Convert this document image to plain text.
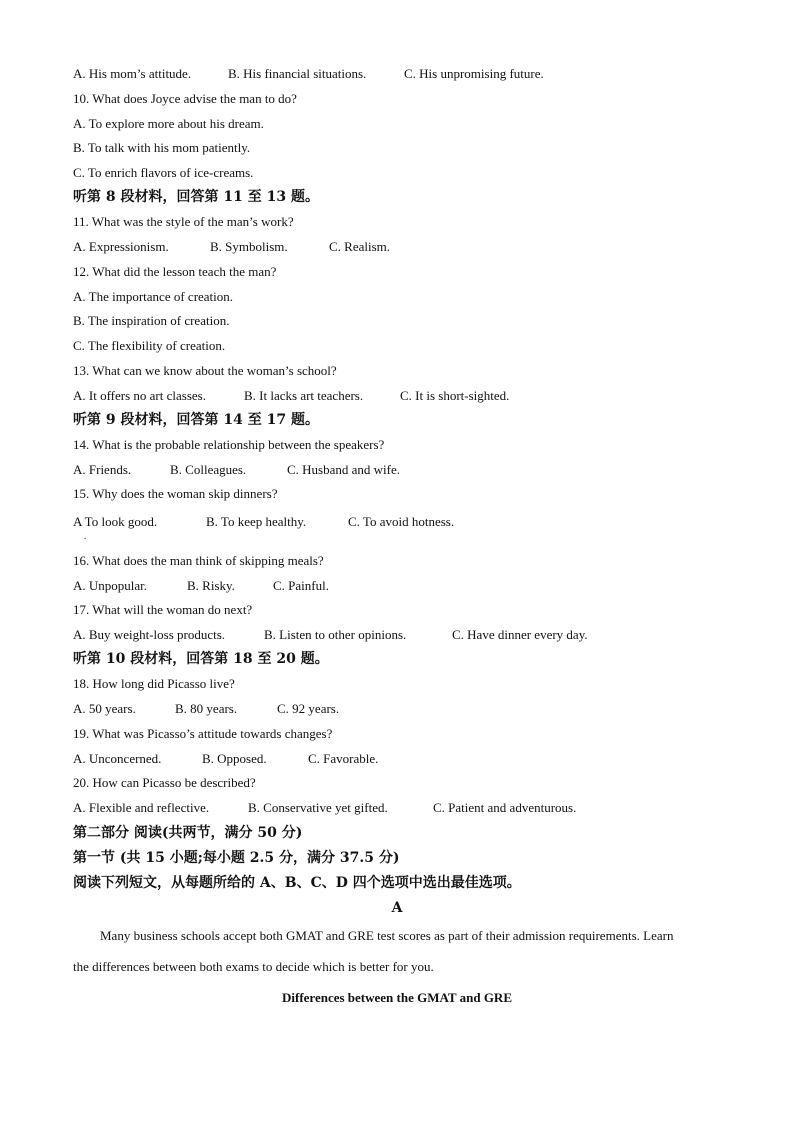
A. His mom’s attitude.	B. His financial situations.	C. His unpromising future.
10. What does Joyce advise the man to do?
A. To explore more about his dream.
B. To talk with his mom patiently.
C. To enrich flavors of ice-creams.
听第 8 段材料，回答第 11 至 13 题。
11. What was the style of the man’s work?
A. Expressionism.	B. Symbolism.	C. Realism.
12. What did the lesson teach the man?
A. The importance of creation.
B. The inspiration of creation.
C. The flexibility of creation.
13. What can we know about the woman’s school?
A. It offers no art classes.	B. It lacks art teachers.	C. It is short-sighted.
听第 9 段材料，回答第 14 至 17 题。
14. What is the probable relationship between the speakers?
A. Friends.	B. Colleagues.	C. Husband and wife.
15. Why does the woman skip dinners?
A To look good.	B. To keep healthy.	C. To avoid hotness.
.
16. What does the man think of skipping meals?
A. Unpopular.	B. Risky.	C. Painful.
17. What will the woman do next?
A. Buy weight-loss products.	B. Listen to other opinions.	C. Have dinner every day.
听第 10 段材料，回答第 18 至 20 题。
18. How long did Picasso live?
A. 50 years.	B. 80 years.	C. 92 years.
19. What was Picasso’s attitude towards changes?
A. Unconcerned.	B. Opposed.	C. Favorable.
20. How can Picasso be described?
A. Flexible and reflective.	B. Conservative yet gifted.	C. Patient and adventurous.
第二部分 阅读(共两节，满分 50 分)
第一节 (共 15 小题;每小题 2.5 分，满分 37.5 分)
阅读下列短文，从每题所给的 A、B、C、D 四个选项中选出最佳选项。
A
Many business schools accept both GMAT and GRE test scores as part of their admission requirements. Learn
the differences between both exams to decide which is better for you.
Differences between the GMAT and GRE
